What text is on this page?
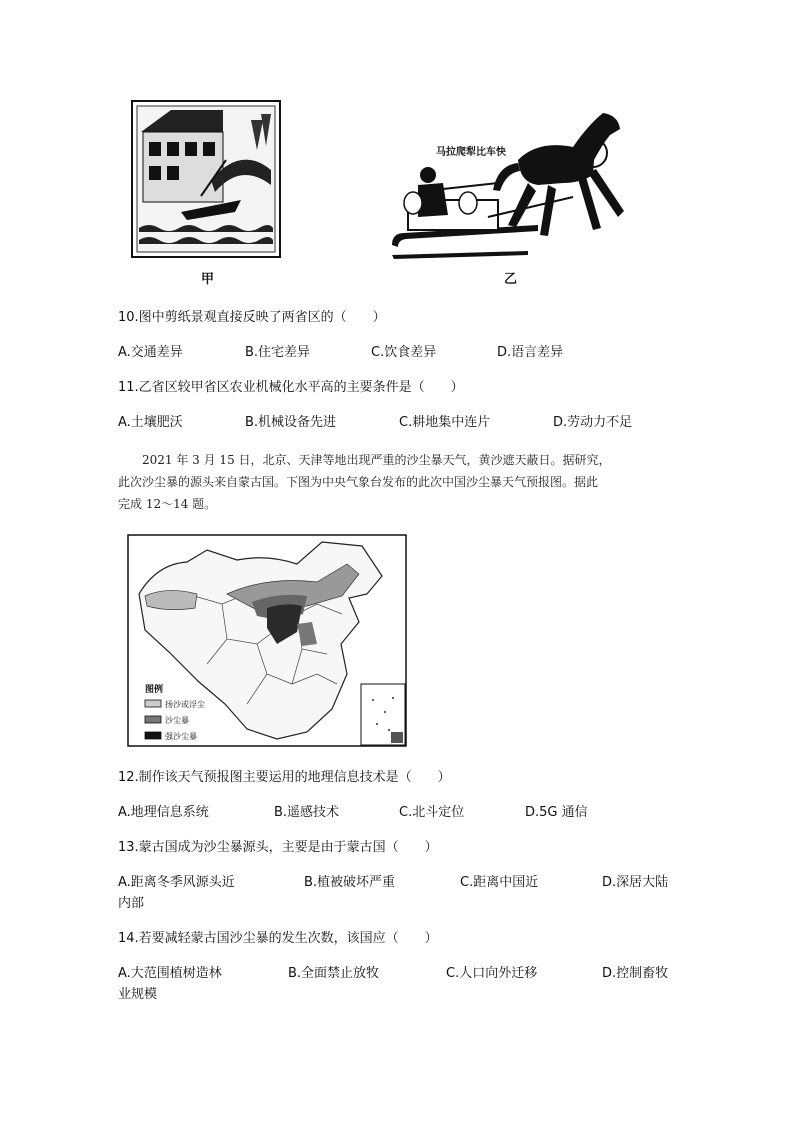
甲
马拉爬犁比车快
乙
10.图中剪纸景观直接反映了两省区的（　　）
A.交通差异	B.住宅差异	C.饮食差异	D.语言差异
11.乙省区较甲省区农业机械化水平高的主要条件是（　　）
A.土壤肥沃	B.机械设备先进	C.耕地集中连片	D.劳动力不足
2021 年 3 月 15 日，北京、天津等地出现严重的沙尘暴天气，黄沙遮天蔽日。据研究，
此次沙尘暴的源头来自蒙古国。下图为中央气象台发布的此次中国沙尘暴天气预报图。据此
完成 12～14 题。
图例
扬沙或浮尘
沙尘暴
强沙尘暴
12.制作该天气预报图主要运用的地理信息技术是（　　）
A.地理信息系统	B.遥感技术	C.北斗定位	D.5G 通信
13.蒙古国成为沙尘暴源头，主要是由于蒙古国（　　）
A.距离冬季风源头近	B.植被破坏严重	C.距离中国近	D.深居大陆
内部
14.若要减轻蒙古国沙尘暴的发生次数，该国应（　　）
A.大范围植树造林	B.全面禁止放牧	C.人口向外迁移	D.控制畜牧
业规模
